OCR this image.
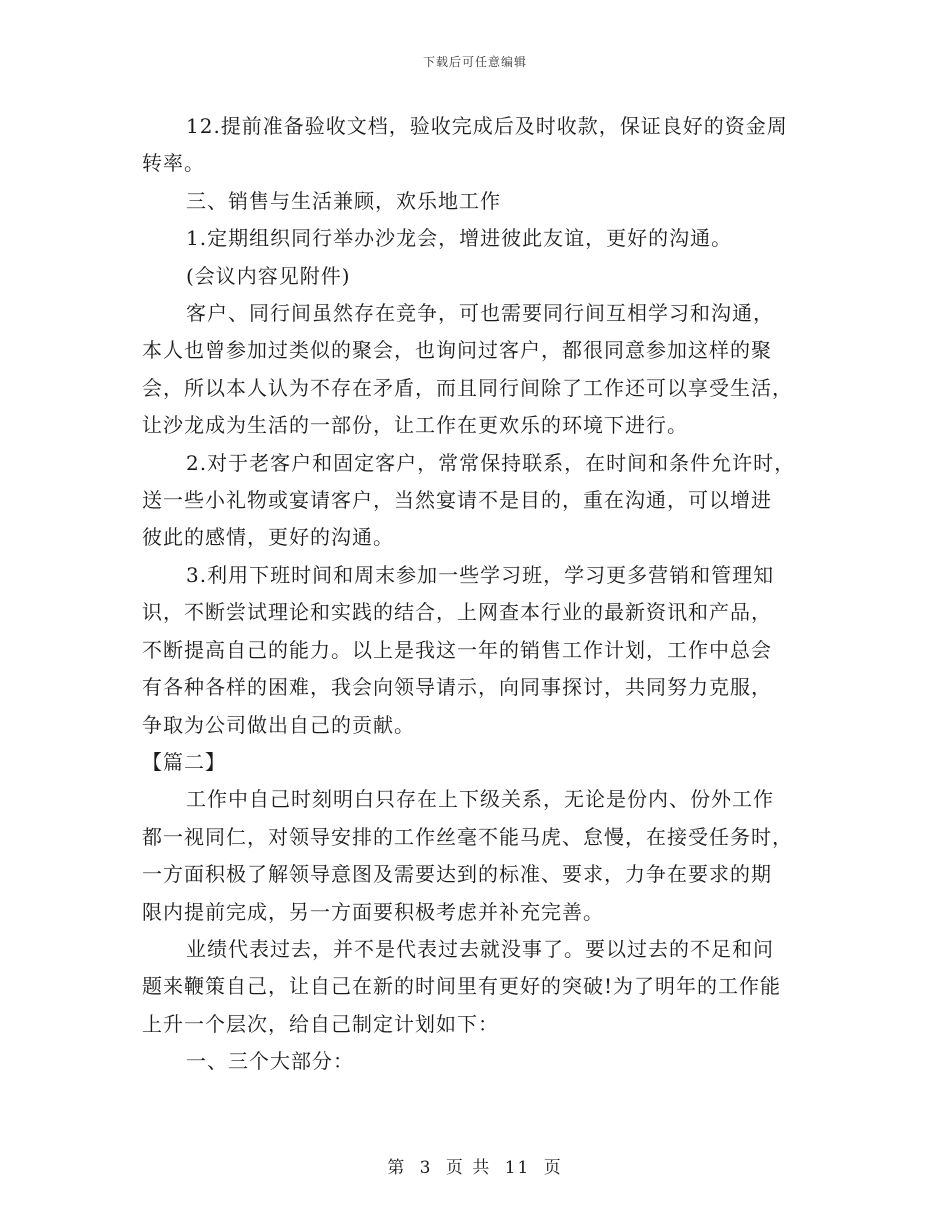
下载后可任意编辑

12.提前准备验收文档，验收完成后及时收款，保证良好的资金周
转率。

三、销售与生活兼顾，欢乐地工作

1.定期组织同行举办沙龙会，增进彼此友谊，更好的沟通。

(会议内容见附件)

客户、同行间虽然存在竞争，可也需要同行间互相学习和沟通，
本人也曾参加过类似的聚会，也询问过客户，都很同意参加这样的聚
会，所以本人认为不存在矛盾，而且同行间除了工作还可以享受生活，
让沙龙成为生活的一部份，让工作在更欢乐的环境下进行。

2.对于老客户和固定客户，常常保持联系，在时间和条件允许时，
送一些小礼物或宴请客户，当然宴请不是目的，重在沟通，可以增进
彼此的感情，更好的沟通。

3.利用下班时间和周末参加一些学习班，学习更多营销和管理知
识，不断尝试理论和实践的结合，上网查本行业的最新资讯和产品，
不断提高自己的能力。以上是我这一年的销售工作计划，工作中总会
有各种各样的困难，我会向领导请示，向同事探讨，共同努力克服，
争取为公司做出自己的贡献。

【篇二】

工作中自己时刻明白只存在上下级关系，无论是份内、份外工作
都一视同仁，对领导安排的工作丝毫不能马虎、怠慢，在接受任务时，
一方面积极了解领导意图及需要达到的标准、要求，力争在要求的期
限内提前完成，另一方面要积极考虑并补充完善。

业绩代表过去，并不是代表过去就没事了。要以过去的不足和问
题来鞭策自己，让自己在新的时间里有更好的突破!为了明年的工作能
上升一个层次，给自己制定计划如下：

一、三个大部分：

第 3 页 共 11 页
